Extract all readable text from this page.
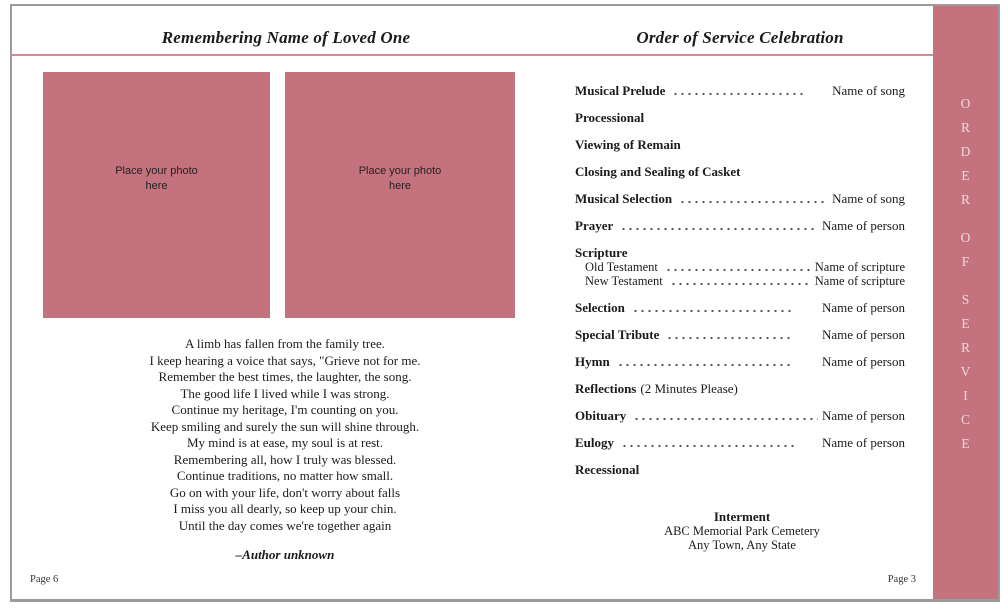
O
R
D
E
R
O
F
S
E
R
V
I
C
E
Remembering Name of Loved One	Order of Service Celebration
Place your photo here
Place your photo here
A limb has fallen from the family tree.
I keep hearing a voice that says, "Grieve not for me.
Remember the best times, the laughter, the song.
The good life I lived while I was strong.
Continue my heritage, I'm counting on you.
Keep smiling and surely the sun will shine through.
My mind is at ease, my soul is at rest.
Remembering all, how I truly was blessed.
Continue traditions, no matter how small.
Go on with your life, don't worry about falls
I miss you all dearly, so keep up your chin.
Until the day comes we're together again
–Author unknown
Musical Prelude	Name of song
Processional
Viewing of Remain
Closing and Sealing of Casket
Musical Selection	Name of song
Prayer	Name of person
Scripture
Old Testament	Name of scripture
New Testament	Name of scripture
Selection	Name of person
Special Tribute	Name of person
Hymn	Name of person
Reflections (2 Minutes Please)
Obituary	Name of person
Eulogy	Name of person
Recessional
Interment
ABC Memorial Park Cemetery
Any Town, Any State
Page 6	Page 3
